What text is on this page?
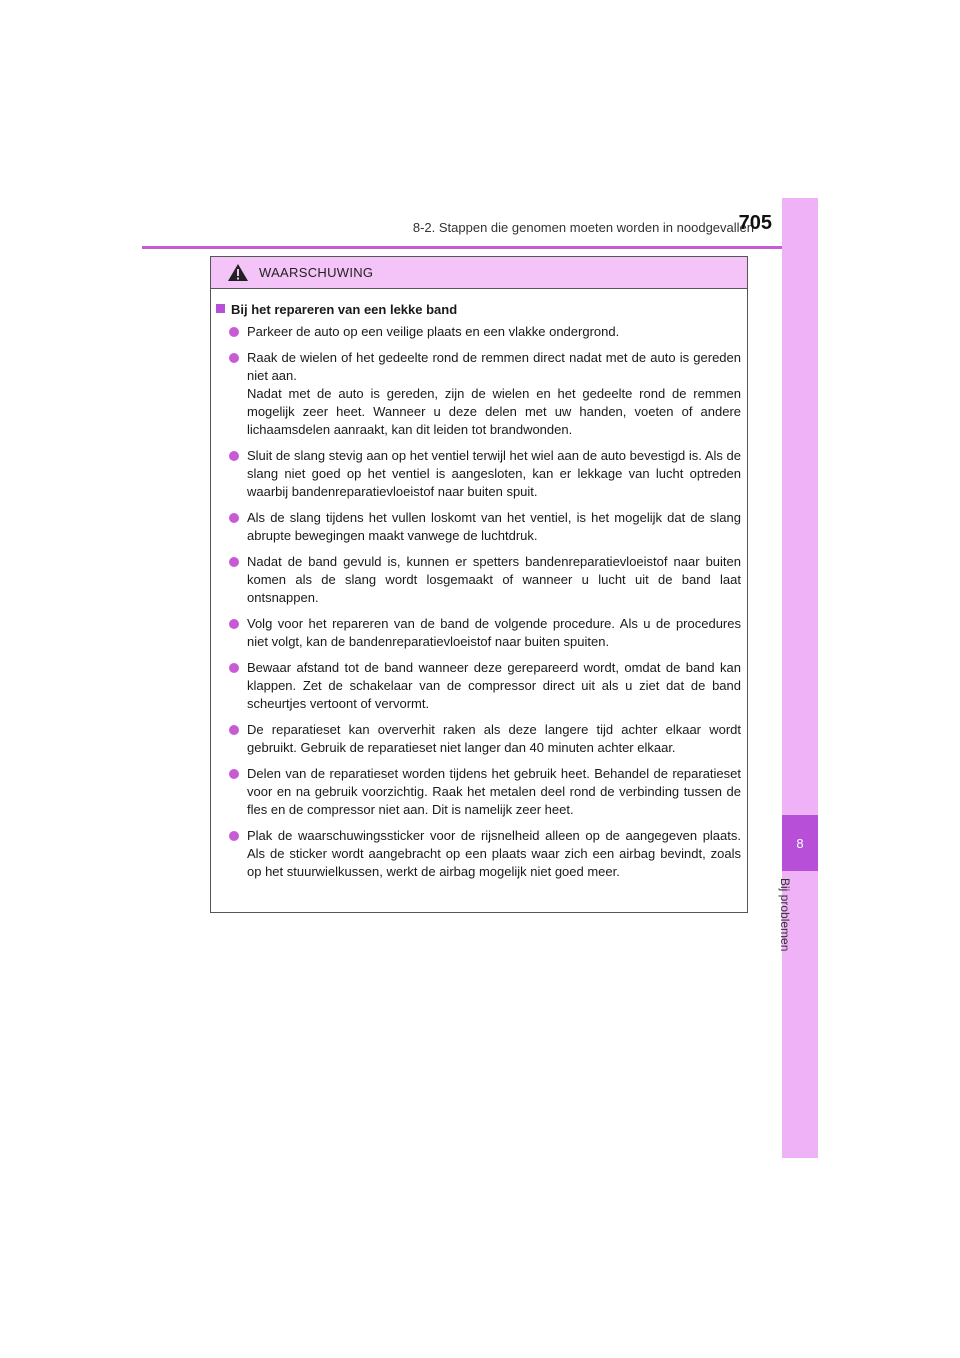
8-2. Stappen die genomen moeten worden in noodgevallen
705
8
Bij problemen
WAARSCHUWING
Bij het repareren van een lekke band
Parkeer de auto op een veilige plaats en een vlakke ondergrond.
Raak de wielen of het gedeelte rond de remmen direct nadat met de auto is gereden niet aan.
Nadat met de auto is gereden, zijn de wielen en het gedeelte rond de remmen mogelijk zeer heet. Wanneer u deze delen met uw handen, voeten of andere lichaamsdelen aanraakt, kan dit leiden tot brandwonden.
Sluit de slang stevig aan op het ventiel terwijl het wiel aan de auto bevestigd is. Als de slang niet goed op het ventiel is aangesloten, kan er lekkage van lucht optreden waarbij bandenreparatievloeistof naar buiten spuit.
Als de slang tijdens het vullen loskomt van het ventiel, is het mogelijk dat de slang abrupte bewegingen maakt vanwege de luchtdruk.
Nadat de band gevuld is, kunnen er spetters bandenreparatievloeistof naar buiten komen als de slang wordt losgemaakt of wanneer u lucht uit de band laat ontsnappen.
Volg voor het repareren van de band de volgende procedure. Als u de procedures niet volgt, kan de bandenreparatievloeistof naar buiten spuiten.
Bewaar afstand tot de band wanneer deze gerepareerd wordt, omdat de band kan klappen. Zet de schakelaar van de compressor direct uit als u ziet dat de band scheurtjes vertoont of vervormt.
De reparatieset kan oververhit raken als deze langere tijd achter elkaar wordt gebruikt. Gebruik de reparatieset niet langer dan 40 minuten achter elkaar.
Delen van de reparatieset worden tijdens het gebruik heet. Behandel de reparatieset voor en na gebruik voorzichtig. Raak het metalen deel rond de verbinding tussen de fles en de compressor niet aan. Dit is namelijk zeer heet.
Plak de waarschuwingssticker voor de rijsnelheid alleen op de aangegeven plaats. Als de sticker wordt aangebracht op een plaats waar zich een airbag bevindt, zoals op het stuurwielkussen, werkt de airbag mogelijk niet goed meer.
